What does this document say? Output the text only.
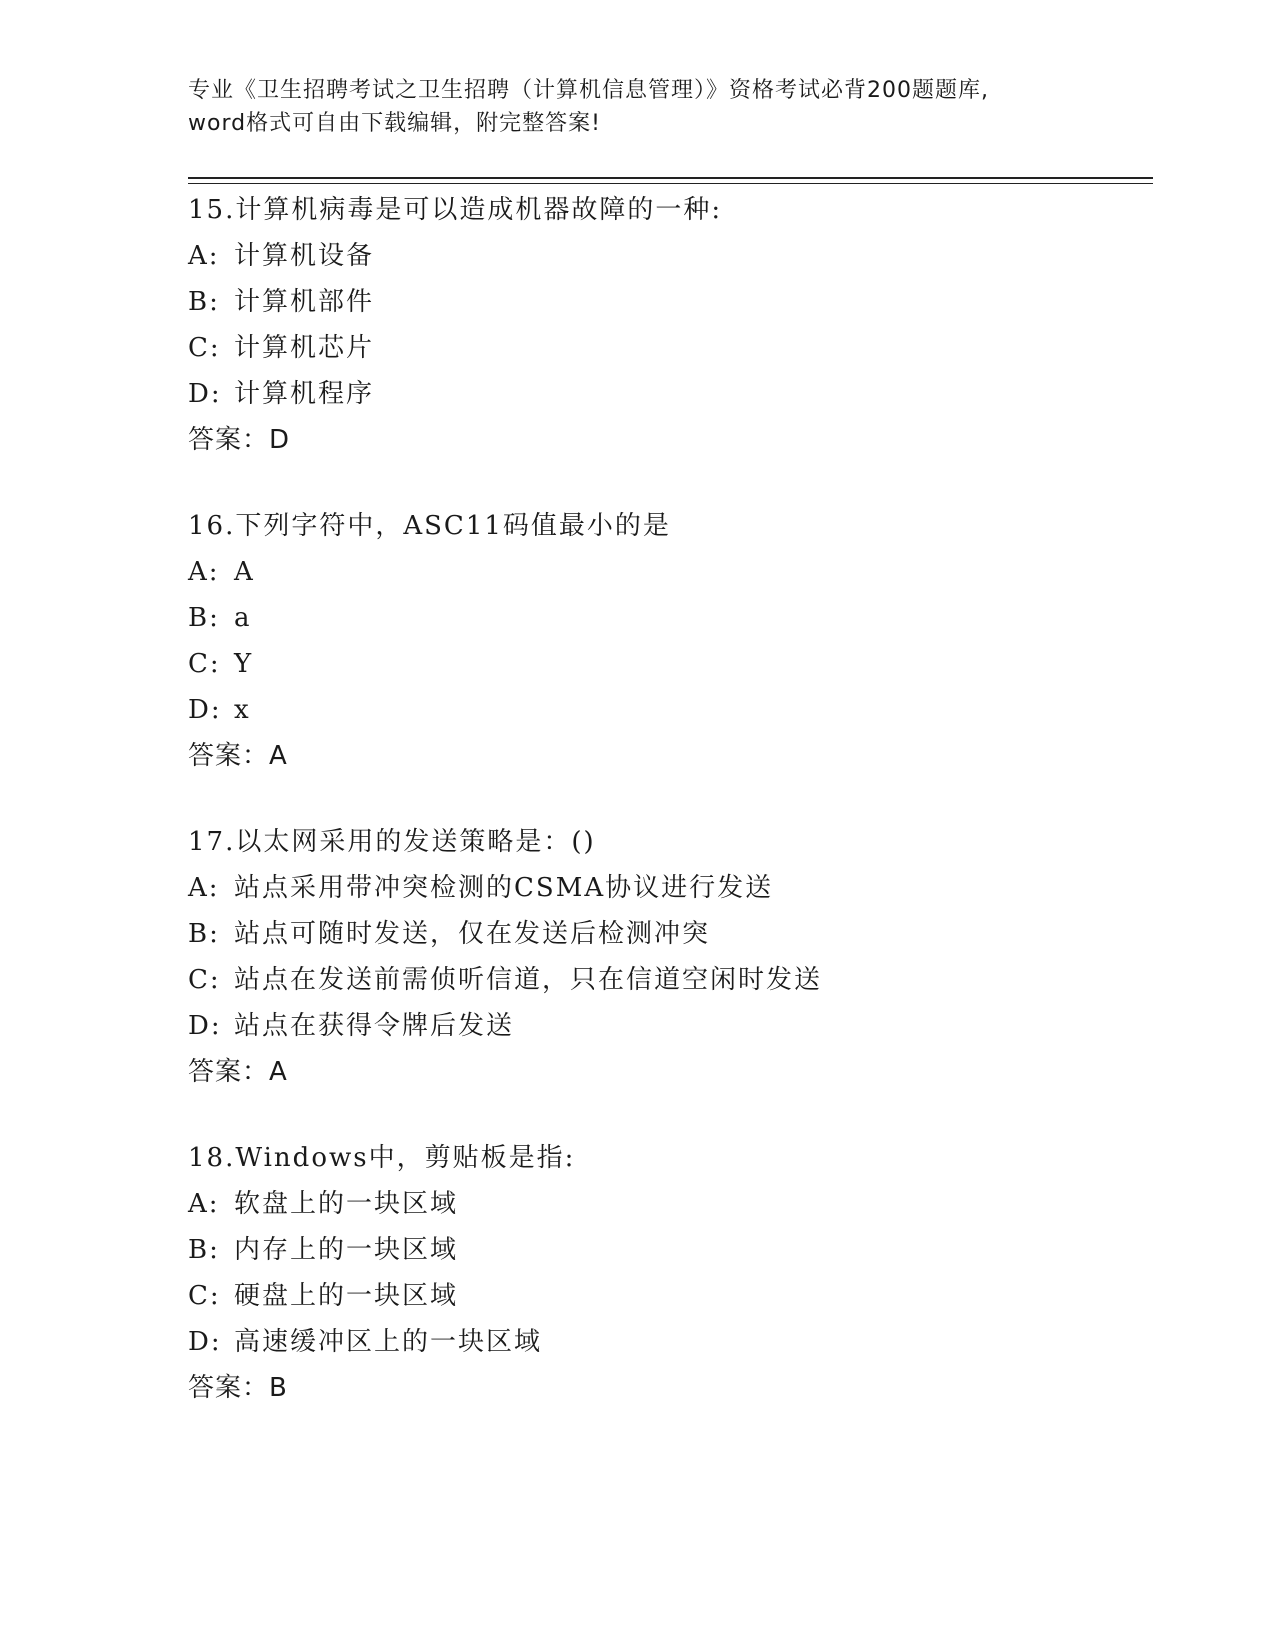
专业《卫生招聘考试之卫生招聘（计算机信息管理）》资格考试必背200题题库,
word格式可自由下载编辑，附完整答案!
15.计算机病毒是可以造成机器故障的一种:
A: 计算机设备
B: 计算机部件
C: 计算机芯片
D: 计算机程序
答案：D
16.下列字符中，ASC11码值最小的是
A: A
B: a
C: Y
D: x
答案：A
17.以太网采用的发送策略是：()
A: 站点采用带冲突检测的CSMA协议进行发送
B: 站点可随时发送，仅在发送后检测冲突
C: 站点在发送前需侦听信道，只在信道空闲时发送
D: 站点在获得令牌后发送
答案：A
18.Windows中，剪贴板是指:
A: 软盘上的一块区域
B: 内存上的一块区域
C: 硬盘上的一块区域
D: 高速缓冲区上的一块区域
答案：B
